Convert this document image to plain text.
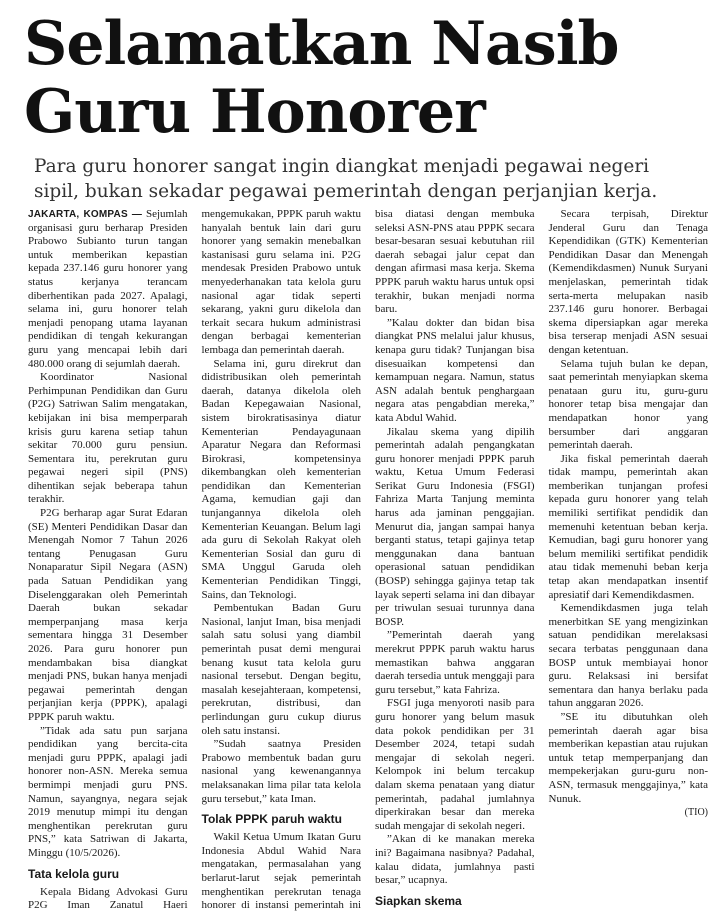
Selamatkan Nasib
Guru Honorer
Para guru honorer sangat ingin diangkat menjadi pegawai negeri sipil, bukan sekadar pegawai pemerintah dengan perjanjian kerja.

JAKARTA, KOMPAS — Sejumlah organisasi guru berharap Presiden Prabowo Subianto turun tangan untuk memberikan kepastian kepada 237.146 guru honorer yang status kerjanya terancam diberhentikan pada 2027. Apalagi, selama ini, guru honorer telah menjadi penopang utama layanan pendidikan di tengah kekurangan guru yang mencapai lebih dari 480.000 orang di sejumlah daerah.

Koordinator Nasional Perhimpunan Pendidikan dan Guru (P2G) Satriwan Salim mengatakan, kebijakan ini bisa memperparah krisis guru karena setiap tahun sekitar 70.000 guru pensiun. Sementara itu, perekrutan guru pegawai negeri sipil (PNS) dihentikan sejak beberapa tahun terakhir.

P2G berharap agar Surat Edaran (SE) Menteri Pendidikan Dasar dan Menengah Nomor 7 Tahun 2026 tentang Penugasan Guru Nonaparatur Sipil Negara (ASN) pada Satuan Pendidikan yang Diselenggarakan oleh Pemerintah Daerah bukan sekadar memperpanjang masa kerja sementara hingga 31 Desember 2026. Para guru honorer pun mendambakan bisa diangkat menjadi PNS, bukan hanya menjadi pegawai pemerintah dengan perjanjian kerja (PPPK), apalagi PPPK paruh waktu.

”Tidak ada satu pun sarjana pendidikan yang bercita-cita menjadi guru PPPK, apalagi jadi honorer non-ASN. Mereka semua bermimpi menjadi guru PNS. Namun, sayangnya, negara sejak 2019 menutup mimpi itu dengan menghentikan perekrutan guru PNS,” kata Satriwan di Jakarta, Minggu (10/5/2026).

Tata kelola guru

Kepala Bidang Advokasi Guru P2G Iman Zanatul Haeri mengemukakan, PPPK paruh waktu hanyalah bentuk lain dari guru honorer yang semakin menebalkan kastanisasi guru selama ini. P2G mendesak Presiden Prabowo untuk menyederhanakan tata kelola guru nasional agar tidak seperti sekarang, yakni guru dikelola dan terkait secara hukum administrasi dengan berbagai kementerian lembaga dan pemerintah daerah.

Selama ini, guru direkrut dan didistribusikan oleh pemerintah daerah, datanya dikelola oleh Badan Kepegawaian Nasional, sistem birokratisasinya diatur Kementerian Pendayagunaan Aparatur Negara dan Reformasi Birokrasi, kompetensinya dikembangkan oleh kementerian pendidikan dan Kementerian Agama, kemudian gaji dan tunjangannya dikelola oleh Kementerian Keuangan. Belum lagi ada guru di Sekolah Rakyat oleh Kementerian Sosial dan guru di SMA Unggul Garuda oleh Kementerian Pendidikan Tinggi, Sains, dan Teknologi.

Pembentukan Badan Guru Nasional, lanjut Iman, bisa menjadi salah satu solusi yang diambil pemerintah pusat demi mengurai benang kusut tata kelola guru nasional tersebut. Dengan begitu, masalah kesejahteraan, kompetensi, perekrutan, distribusi, dan perlindungan guru cukup diurus oleh satu instansi.

”Sudah saatnya Presiden Prabowo membentuk badan guru nasional yang kewenangannya melaksanakan lima pilar tata kelola guru tersebut,” kata Iman.

Tolak PPPK paruh waktu

Wakil Ketua Umum Ikatan Guru Indonesia Abdul Wahid Nara mengatakan, permasalahan yang berlarut-larut sejak pemerintah menghentikan perekrutan tenaga honorer di instansi pemerintah ini bisa diatasi dengan membuka seleksi ASN-PNS atau PPPK secara besar-besaran sesuai kebutuhan riil daerah sebagai jalur cepat dan dengan afirmasi masa kerja. Skema PPPK paruh waktu harus untuk opsi terakhir, bukan menjadi norma baru.

”Kalau dokter dan bidan bisa diangkat PNS melalui jalur khusus, kenapa guru tidak? Tunjangan bisa disesuaikan kompetensi dan kemampuan negara. Namun, status ASN adalah bentuk penghargaan negara atas pengabdian mereka,” kata Abdul Wahid.

Jikalau skema yang dipilih pemerintah adalah pengangkatan guru honorer menjadi PPPK paruh waktu, Ketua Umum Federasi Serikat Guru Indonesia (FSGI) Fahriza Marta Tanjung meminta harus ada jaminan penggajian. Menurut dia, jangan sampai hanya berganti status, tetapi gajinya tetap menggunakan dana bantuan operasional satuan pendidikan (BOSP) sehingga gajinya tetap tak layak seperti selama ini dan dibayar per triwulan sesuai turunnya dana BOSP.

”Pemerintah daerah yang merekrut PPPK paruh waktu harus memastikan bahwa anggaran daerah tersedia untuk menggaji para guru tersebut,” kata Fahriza.

FSGI juga menyoroti nasib para guru honorer yang belum masuk data pokok pendidikan per 31 Desember 2024, tetapi sudah mengajar di sekolah negeri. Kelompok ini belum tercakup dalam skema penataan yang diatur pemerintah, padahal jumlahnya diperkirakan besar dan mereka sudah mengajar di sekolah negeri.

”Akan di ke manakan mereka ini? Bagaimana nasibnya? Padahal, kalau didata, jumlahnya pasti besar,” ucapnya.

Siapkan skema

Secara terpisah, Direktur Jenderal Guru dan Tenaga Kependidikan (GTK) Kementerian Pendidikan Dasar dan Menengah (Kemendikdasmen) Nunuk Suryani menjelaskan, pemerintah tidak serta-merta melupakan nasib 237.146 guru honorer. Berbagai skema dipersiapkan agar mereka bisa terserap menjadi ASN sesuai dengan ketentuan.

Selama tujuh bulan ke depan, saat pemerintah menyiapkan skema penataan guru itu, guru-guru honorer tetap bisa mengajar dan mendapatkan honor yang bersumber dari anggaran pemerintah daerah.

Jika fiskal pemerintah daerah tidak mampu, pemerintah akan memberikan tunjangan profesi kepada guru honorer yang telah memiliki sertifikat pendidik dan memenuhi ketentuan beban kerja. Kemudian, bagi guru honorer yang belum memiliki sertifikat pendidik atau tidak memenuhi beban kerja tetap akan mendapatkan insentif apresiatif dari Kemendikdasmen.

Kemendikdasmen juga telah menerbitkan SE yang mengizinkan satuan pendidikan merelaksasi secara terbatas penggunaan dana BOSP untuk membiayai honor guru. Relaksasi ini bersifat sementara dan hanya berlaku pada tahun anggaran 2026.

”SE itu dibutuhkan oleh pemerintah daerah agar bisa memberikan kepastian atau rujukan untuk tetap memperpanjang dan mempekerjakan guru-guru non-ASN, termasuk menggajinya,” kata Nunuk.

(TIO)
